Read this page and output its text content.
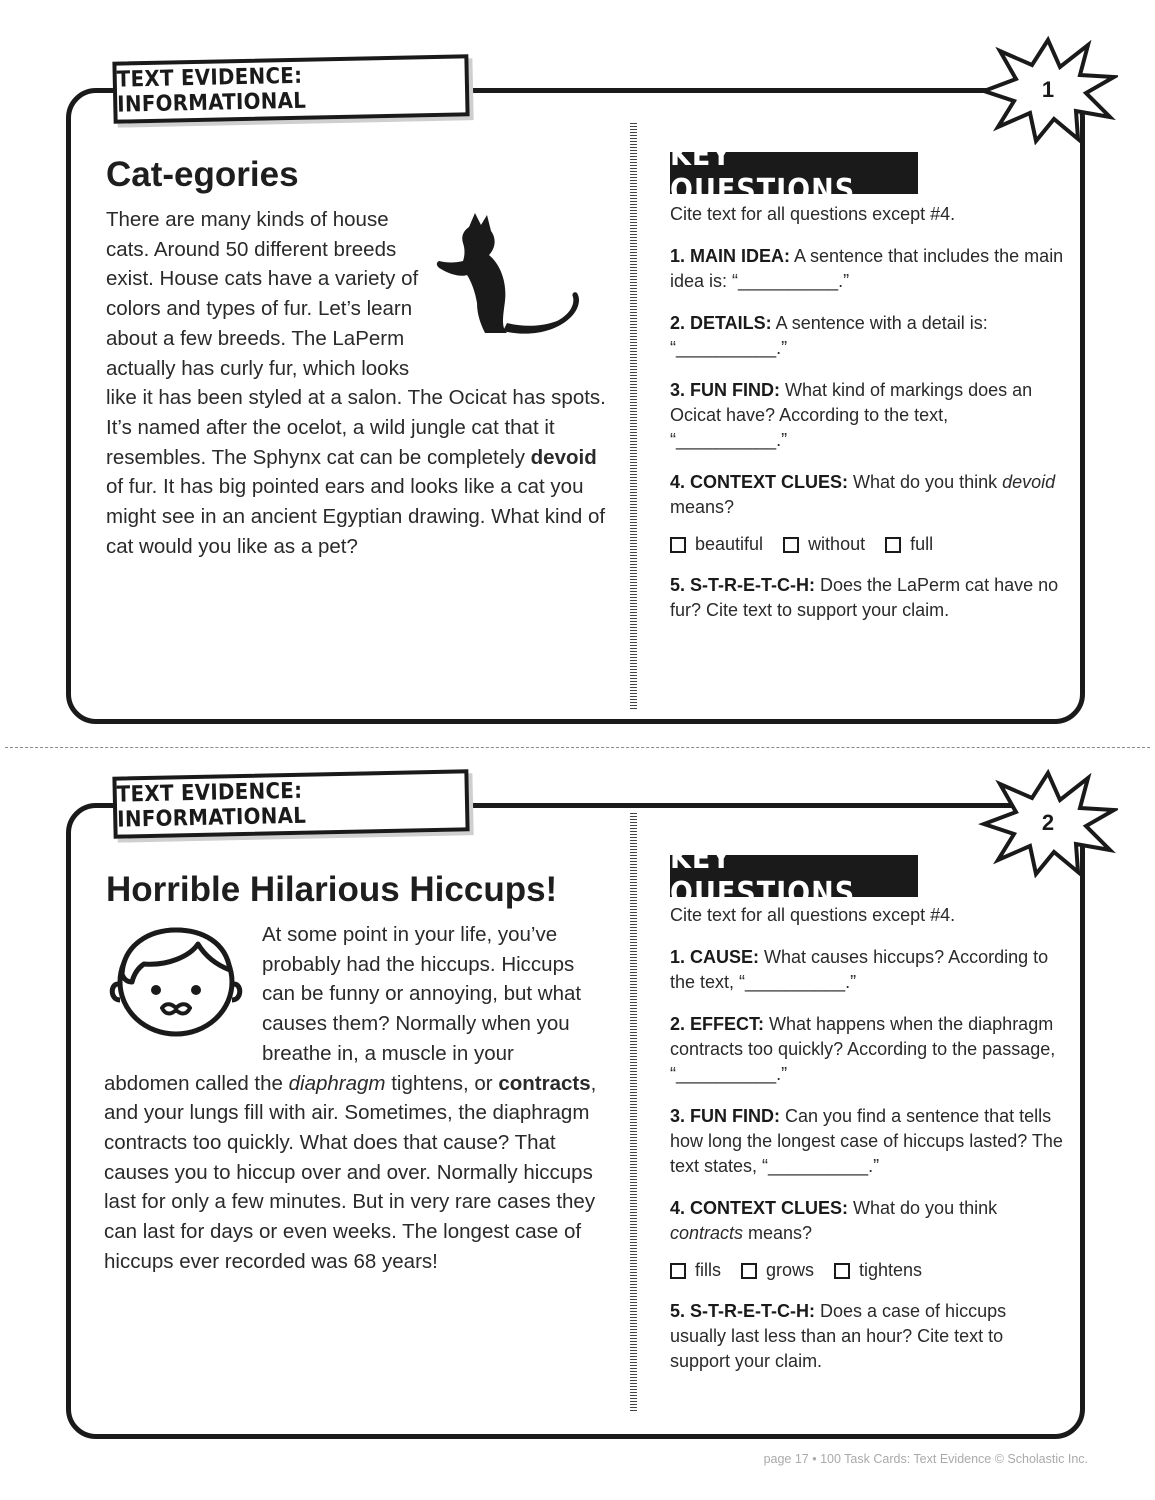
TEXT EVIDENCE: INFORMATIONAL	1
Cat-egories
There are many kinds of house cats. Around 50 different breeds exist. House cats have a variety of colors and types of fur. Let’s learn about a few breeds. The LaPerm actually has curly fur, which looks like it has been styled at a salon. The Ocicat has spots. It’s named after the ocelot, a wild jungle cat that it resembles. The Sphynx cat can be completely devoid of fur. It has big pointed ears and looks like a cat you might see in an ancient Egyptian drawing. What kind of cat would you like as a pet?
KEY QUESTIONS

Cite text for all questions except #4.

1. MAIN IDEA: A sentence that includes the main idea is: “__________.”

2. DETAILS: A sentence with a detail is: “__________.”

3. FUN FIND: What kind of markings does an Ocicat have? According to the text, “__________.”

4. CONTEXT CLUES: What do you think devoid means?

beautiful	without	full

5. S-T-R-E-T-C-H: Does the LaPerm cat have no fur? Cite text to support your claim.

TEXT EVIDENCE: INFORMATIONAL	2
Horrible Hilarious Hiccups!
At some point in your life, you’ve probably had the hiccups. Hiccups can be funny or annoying, but what causes them? Normally when you breathe in, a muscle in your abdomen called the diaphragm tightens, or contracts, and your lungs fill with air. Sometimes, the diaphragm contracts too quickly. What does that cause? That causes you to hiccup over and over. Normally hiccups last for only a few minutes. But in very rare cases they can last for days or even weeks. The longest case of hiccups ever recorded was 68 years!
KEY QUESTIONS

Cite text for all questions except #4.

1. CAUSE: What causes hiccups? According to the text, “__________.”

2. EFFECT: What happens when the diaphragm contracts too quickly? According to the passage, “__________.”

3. FUN FIND: Can you find a sentence that tells how long the longest case of hiccups lasted? The text states, “__________.”

4. CONTEXT CLUES: What do you think contracts means?

fills	grows	tightens

5. S-T-R-E-T-C-H: Does a case of hiccups usually last less than an hour? Cite text to support your claim.

page 17 • 100 Task Cards: Text Evidence © Scholastic Inc.
